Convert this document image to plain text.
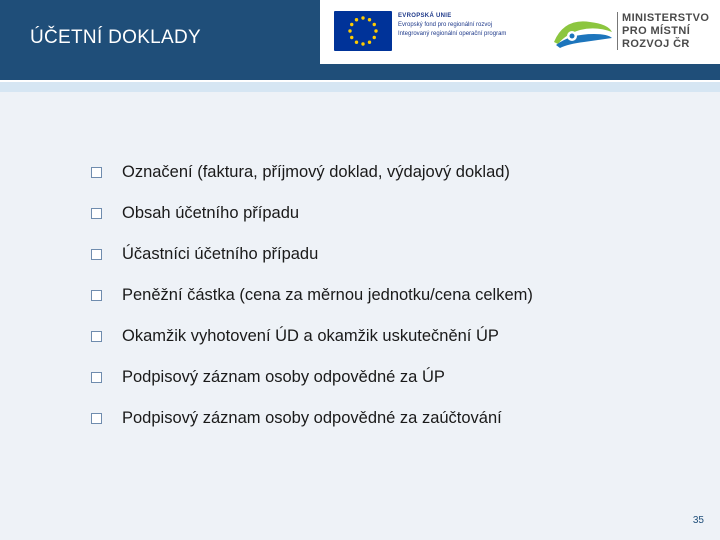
ÚČETNÍ DOKLADY
EVROPSKÁ UNIE
Evropský fond pro regionální rozvoj
Integrovaný regionální operační program
MINISTERSTVO
PRO MÍSTNÍ
ROZVOJ ČR
Označení (faktura, příjmový doklad, výdajový doklad)
Obsah účetního případu
Účastníci účetního případu
Peněžní částka (cena za měrnou jednotku/cena celkem)
Okamžik vyhotovení ÚD a okamžik uskutečnění ÚP
Podpisový záznam osoby odpovědné za ÚP
Podpisový záznam osoby odpovědné za zaúčtování
35
